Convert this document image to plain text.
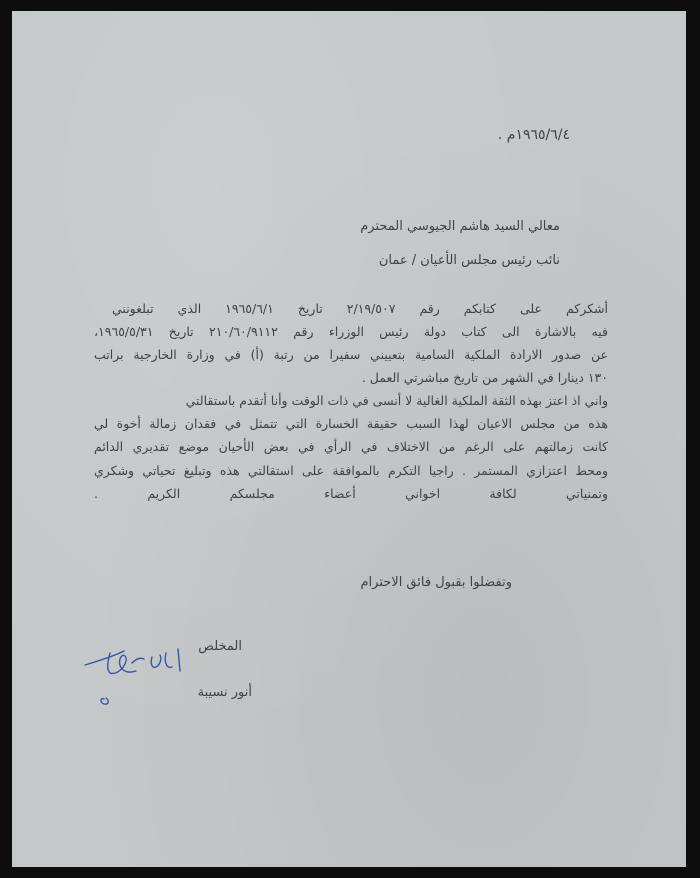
١٩٦٥/٦/٤م .
معالي السيد هاشم الجيوسي المحترم
نائب رئيس مجلس الأعيان / عمان
أشكركم على كتابكم رقم ٢/١٩/٥٠٧ تاريخ ١٩٦٥/٦/١ الذي تبلغونني
فيه بالاشارة الى كتاب دولة رئيس الوزراء رقم ٢١٠/٦٠/٩١١٢ تاريخ ١٩٦٥/٥/٣١،
عن صدور الارادة الملكية السامية بتعييني سفيرا من رتبة (أ) في وزارة الخارجية براتب
١٣٠ دينارا في الشهر من تاريخ مباشرتي العمل .
واني اذ اعتز بهذه الثقة الملكية الغالية لا أنسى في ذات الوقت وأنا أتقدم باستقالتي
هذه من مجلس الاعيان لهذا السبب حقيقة الخسارة التي تتمثل في فقدان زمالة أخوة لي
كانت زمالتهم على الرغم من الاختلاف في الرأي في بعض الأحيان موضع تقديري الدائم
ومحط اعتزازي المستمر . راجيا التكرم بالموافقة على استقالتي هذه وتبليغ تحياتي وشكري
وتمنياتي لكافة اخواني أعضاء مجلسكم الكريم .
وتفضلوا بقبول فائق الاحترام
المخلص
أنور نسيبة
